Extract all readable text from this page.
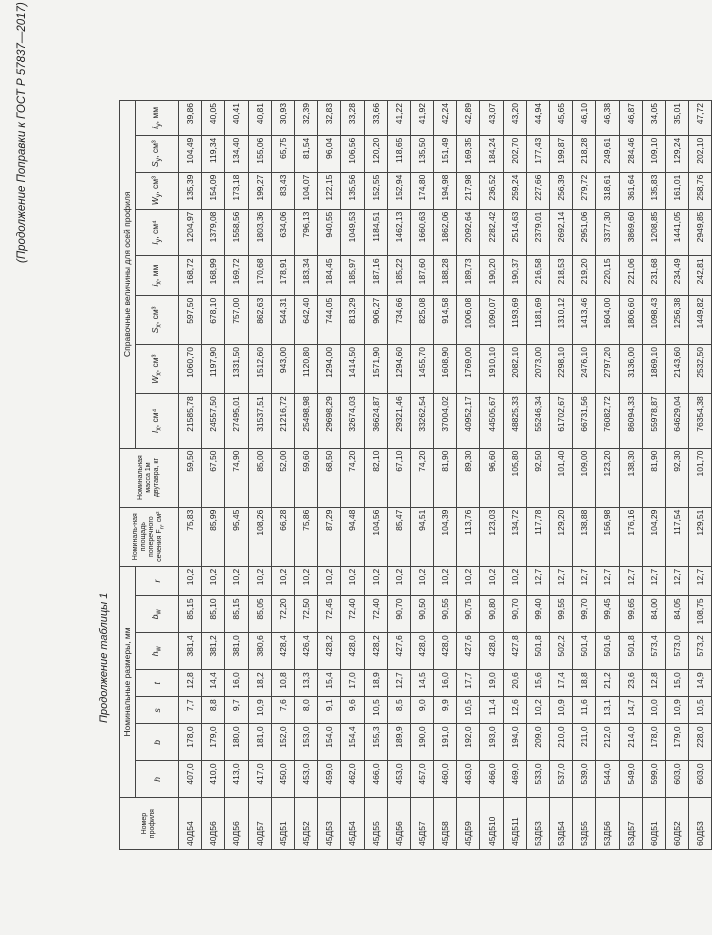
Продолжение таблицы 1
(Продолжение Поправки к ГОСТ Р 57837—2017)
Номер профиля	Номинальные размеры, мм							Номиналь-ная площадь поперечного сечения $F_n$, см²	Номинальная масса 1м двутавра, кг	Справочные величины для осей профиля							
	h	b	s	t	$h_w$	$b_w$	r			$I_x$, см⁴	$W_x$, см³	$S_x$, см³	$i_x$, мм	$I_y$, см⁴	$W_y$, см³	$S_y$, см³	$i_y$, мм
40Д54	407,0	178,0	7,7	12,8	381,4	85,15	10,2	75,83	59,50	21585,78	1060,70	597,50	168,72	1204,97	135,39	104,49	39,86
40Д56	410,0	179,0	8,8	14,4	381,2	85,10	10,2	85,99	67,50	24557,50	1197,90	678,10	168,99	1379,08	154,09	119,34	40,05
40Д56	413,0	180,0	9,7	16,0	381,0	85,15	10,2	95,45	74,90	27495,01	1331,50	757,00	169,72	1558,56	173,18	134,40	40,41
40Д57	417,0	181,0	10,9	18,2	380,6	85,05	10,2	108,26	85,00	31537,51	1512,60	862,63	170,68	1803,36	199,27	155,06	40,81
45Д51	450,0	152,0	7,6	10,8	428,4	72,20	10,2	66,28	52,00	21216,72	943,00	544,31	178,91	634,06	83,43	65,75	30,93
45Д52	453,0	153,0	8,0	13,3	426,4	72,50	10,2	75,86	59,60	25498,98	1120,80	642,40	183,34	796,13	104,07	81,54	32,39
45Д53	459,0	154,0	9,1	15,4	428,2	72,45	10,2	87,29	68,50	29698,29	1294,00	744,05	184,45	940,55	122,15	96,04	32,83
45Д54	462,0	154,4	9,6	17,0	428,0	72,40	10,2	94,48	74,20	32674,03	1414,50	813,29	185,97	1049,53	135,56	106,56	33,28
45Д55	466,0	155,3	10,5	18,9	428,2	72,40	10,2	104,56	82,10	36624,87	1571,90	906,27	187,16	1184,51	152,55	120,20	33,66
45Д56	453,0	189,9	8,5	12,7	427,6	90,70	10,2	85,47	67,10	29321,46	1294,60	734,66	185,22	1462,13	152,94	118,65	41,22
45Д57	457,0	190,0	9,0	14,5	428,0	90,50	10,2	94,51	74,20	33262,54	1455,70	825,08	187,60	1660,63	174,80	135,50	41,92
45Д58	460,0	191,0	9,9	16,0	428,0	90,55	10,2	104,39	81,90	37004,02	1608,90	914,58	188,28	1862,06	194,98	151,49	42,24
45Д59	463,0	192,0	10,5	17,7	427,6	90,75	10,2	113,76	89,30	40952,17	1769,00	1006,08	189,73	2092,64	217,98	169,35	42,89
45Д510	466,0	193,0	11,4	19,0	428,0	90,80	10,2	123,03	96,60	44505,67	1910,10	1090,07	190,20	2282,42	236,52	184,24	43,07
45Д511	469,0	194,0	12,6	20,6	427,8	90,70	10,2	134,72	105,80	48825,33	2082,10	1193,69	190,37	2514,63	259,24	202,70	43,20
53Д53	533,0	209,0	10,2	15,6	501,8	99,40	12,7	117,78	92,50	55246,34	2073,00	1181,69	216,58	2379,01	227,66	177,43	44,94
53Д54	537,0	210,0	10,9	17,4	502,2	99,55	12,7	129,20	101,40	61702,67	2298,10	1310,12	218,53	2692,14	256,39	199,87	45,65
53Д55	539,0	211,0	11,6	18,8	501,4	99,70	12,7	138,88	109,00	66731,56	2476,10	1413,46	219,20	2951,06	279,72	218,28	46,10
53Д56	544,0	212,0	13,1	21,2	501,6	99,45	12,7	156,98	123,20	76082,72	2797,20	1604,00	220,15	3377,30	318,61	249,61	46,38
53Д57	549,0	214,0	14,7	23,6	501,8	99,65	12,7	176,16	138,30	86094,33	3136,00	1806,60	221,06	3869,60	361,64	284,46	46,87
60Д51	599,0	178,0	10,0	12,8	573,4	84,00	12,7	104,29	81,90	55978,87	1869,10	1098,43	231,68	1208,85	135,83	109,10	34,05
60Д52	603,0	179,0	10,9	15,0	573,0	84,05	12,7	117,54	92,30	64629,04	2143,60	1256,38	234,49	1441,05	161,01	129,24	35,01
60Д53	603,0	228,0	10,5	14,9	573,2	108,75	12,7	129,51	101,70	76354,38	2532,50	1449,82	242,81	2949,85	258,76	202,10	47,72
